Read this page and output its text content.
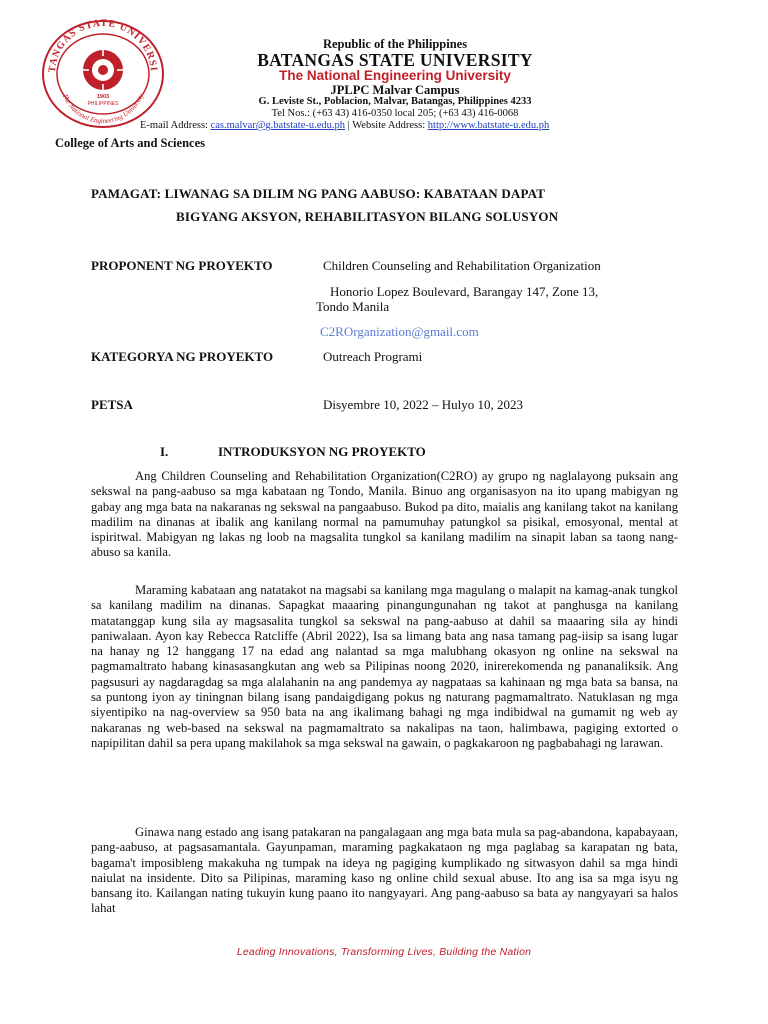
TANGAS STATE UNIVERSI
The National Engineering University
1903
PHILIPPINES
Republic of the Philippines
BATANGAS STATE UNIVERSITY
The National Engineering University
JPLPC Malvar Campus
G. Leviste St., Poblacion, Malvar, Batangas, Philippines 4233
Tel Nos.: (+63 43) 416-0350 local 205; (+63 43) 416-0068
E-mail Address: cas.malvar@g.batstate-u.edu.ph | Website Address: http://www.batstate-u.edu.ph
College of Arts and Sciences
PAMAGAT: LIWANAG SA DILIM NG PANG AABUSO: KABATAAN DAPAT
BIGYANG AKSYON, REHABILITASYON BILANG SOLUSYON
PROPONENT NG PROYEKTO	Children Counseling and Rehabilitation Organization
Honorio Lopez Boulevard, Barangay 147, Zone 13,
Tondo Manila
C2ROrganization@gmail.com
KATEGORYA NG PROYEKTO	Outreach Programi
PETSA	Disyembre 10, 2022 – Hulyo 10, 2023
I.	INTRODUKSYON NG PROYEKTO

Ang Children Counseling and Rehabilitation Organization(C2RO) ay grupo ng naglalayong puksain ang sekswal na pang-aabuso sa mga kabataan ng Tondo, Manila. Binuo ang organisasyon na ito upang mabigyan ng gabay ang mga bata na nakaranas ng sekswal na pangaabuso. Bukod pa dito, maialis ang kanilang takot na kanilang madilim na dinanas at ibalik ang kanilang normal na pamumuhay patungkol sa pisikal, emosyonal, mental at ispiritwal. Mabigyan ng lakas ng loob na magsalita tungkol sa kanilang madilim na sinapit laban sa taong nang-abuso sa kanila.

Maraming kabataan ang natatakot na magsabi sa kanilang mga magulang o malapit na kamag-anak tungkol sa kanilang madilim na dinanas. Sapagkat maaaring pinangungunahan ng takot at panghusga na kanilang matatanggap kung sila ay magsasalita tungkol sa sekswal na pang-aabuso at dahil sa maaaring sila ay hindi paniwalaan. Ayon kay Rebecca Ratcliffe (Abril 2022), Isa sa limang bata ang nasa tamang pag-iisip sa isang lugar na hanay ng 12 hanggang 17 na edad ang nalantad sa mga malubhang okasyon ng online na sekswal na pagmamaltrato habang kinasasangkutan ang web sa Pilipinas noong 2020, inirerekomenda ng pananaliksik. Ang pagsusuri ay nagdaragdag sa mga alalahanin na ang pandemya ay nagpataas sa kahinaan ng mga bata sa bansa, na sa puntong iyon ay tiningnan bilang isang pandaigdigang pokus ng naturang pagmamaltrato. Natuklasan ng mga siyentipiko na nag-overview sa 950 bata na ang ikalimang bahagi ng mga indibidwal na gumamit ng web ay nakaranas ng web-based na sekswal na pagmamaltrato sa nakalipas na taon, halimbawa, pagiging extorted o napipilitan dahil sa pera upang makilahok sa mga sekswal na gawain, o pagkakaroon ng pagbabahagi ng larawan.

Ginawa nang estado ang isang patakaran na pangalagaan ang mga bata mula sa pag-abandona, kapabayaan, pang-aabuso, at pagsasamantala. Gayunpaman, maraming pagkakataon ng mga paglabag sa karapatan ng bata, bagama't imposibleng makakuha ng tumpak na ideya ng pagiging kumplikado ng sitwasyon dahil sa mga hindi naiulat na insidente. Dito sa Pilipinas, maraming kaso ng online child sexual abuse. Ito ang isa sa mga isyu ng bansang ito. Kailangan nating tukuyin kung paano ito nangyayari. Ang pang-aabuso sa bata ay nangyayari sa halos lahat

Leading Innovations, Transforming Lives, Building the Nation
